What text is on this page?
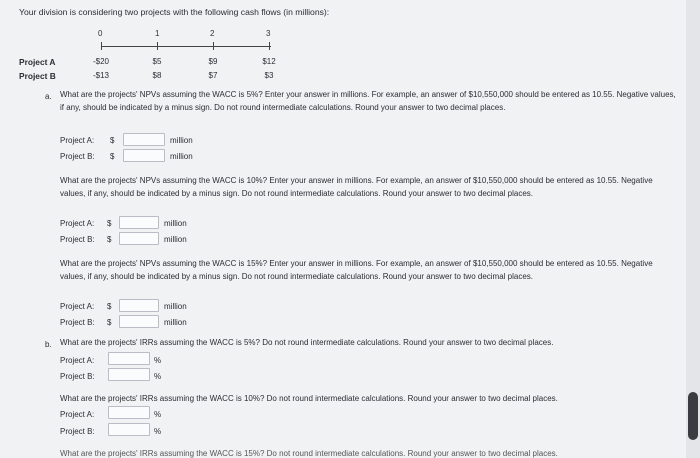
Your division is considering two projects with the following cash flows (in millions):
0	1	2	3
Project A	-$20	$5	$9	$12
Project B	-$13	$8	$7	$3
a. What are the projects' NPVs assuming the WACC is 5%? Enter your answer in millions. For example, an answer of $10,550,000 should be entered as 10.55. Negative values, if any, should be indicated by a minus sign. Do not round intermediate calculations. Round your answer to two decimal places.
Project A: $	million
Project B: $	million
What are the projects' NPVs assuming the WACC is 10%? Enter your answer in millions. For example, an answer of $10,550,000 should be entered as 10.55. Negative values, if any, should be indicated by a minus sign. Do not round intermediate calculations. Round your answer to two decimal places.
Project A: $	million
Project B: $	million
What are the projects' NPVs assuming the WACC is 15%? Enter your answer in millions. For example, an answer of $10,550,000 should be entered as 10.55. Negative values, if any, should be indicated by a minus sign. Do not round intermediate calculations. Round your answer to two decimal places.
Project A: $	million
Project B: $	million
b. What are the projects' IRRs assuming the WACC is 5%? Do not round intermediate calculations. Round your answer to two decimal places.
Project A:	%
Project B:	%
What are the projects' IRRs assuming the WACC is 10%? Do not round intermediate calculations. Round your answer to two decimal places.
Project A:	%
Project B:	%
What are the projects' IRRs assuming the WACC is 15%? Do not round intermediate calculations. Round your answer to two decimal places.
